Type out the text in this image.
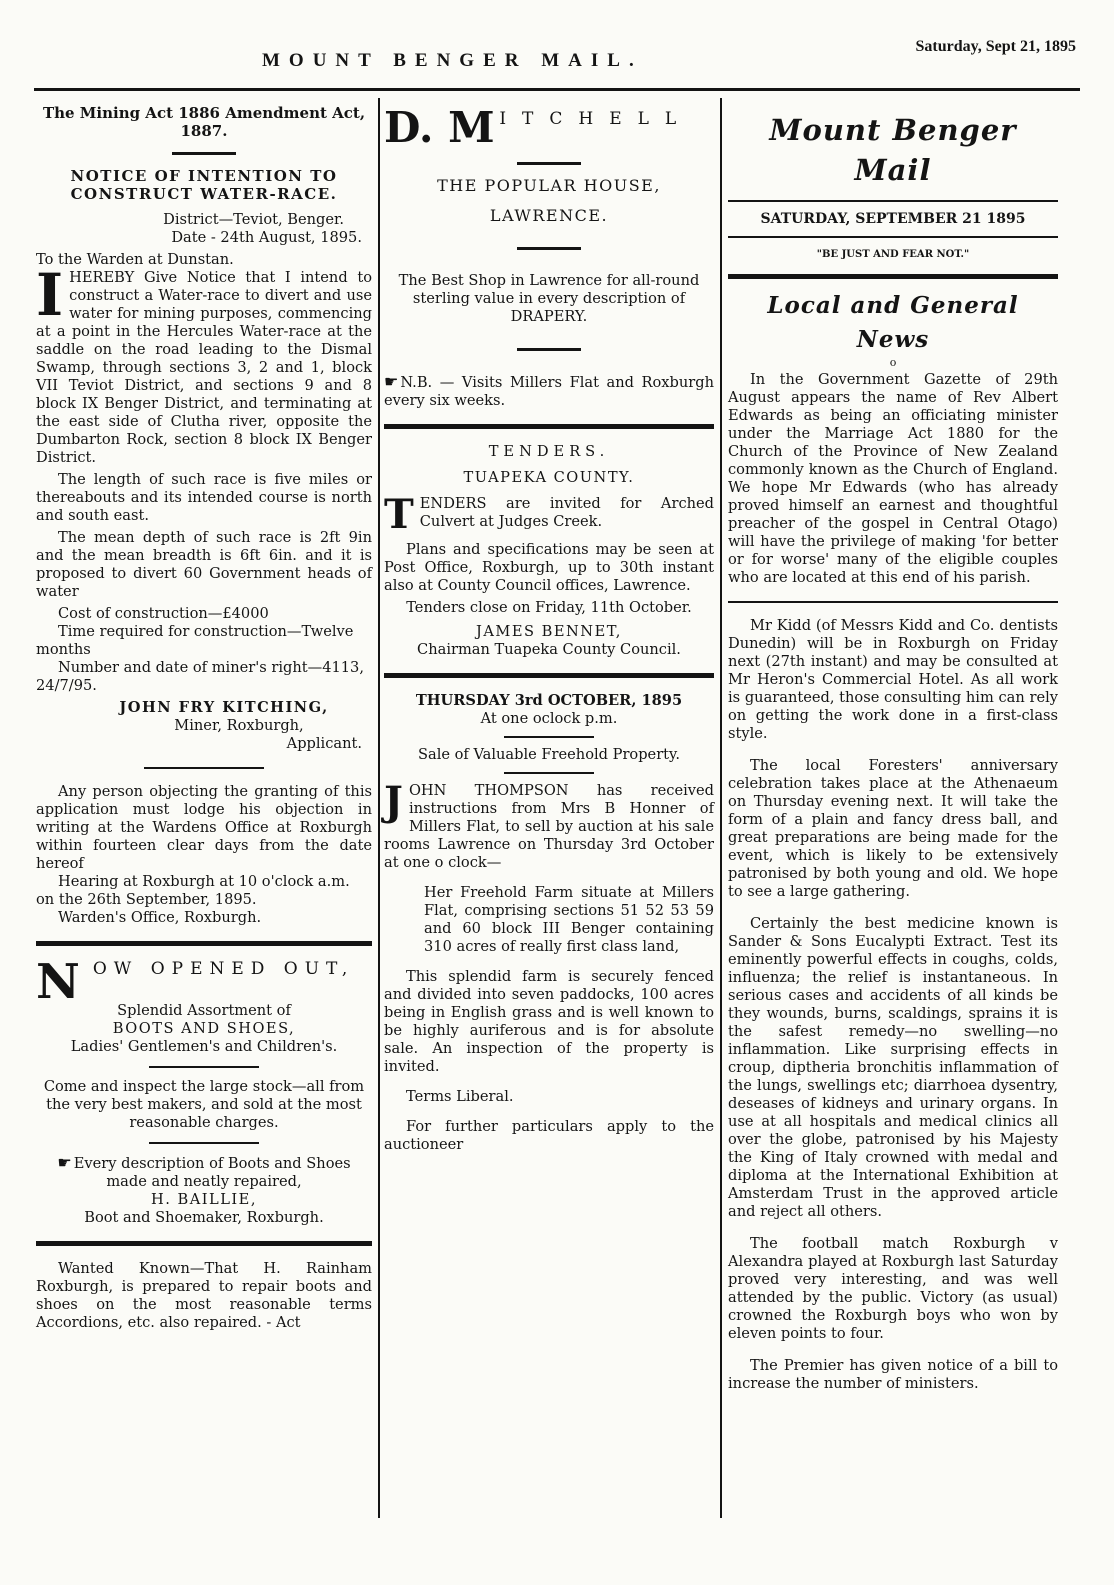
MOUNT BENGER MAIL.
Saturday, Sept 21, 1895

The Mining Act 1886 Amendment Act, 1887.

NOTICE OF INTENTION TO CONSTRUCT WATER-RACE.

District—Teviot, Benger.

Date - 24th August, 1895.

To the Warden at Dunstan.

IHEREBY Give Notice that I intend to construct a Water-race to divert and use water for mining purposes, commencing at a point in the Hercules Water-race at the saddle on the road leading to the Dismal Swamp, through sections 3, 2 and 1, block VII Teviot District, and sections 9 and 8 block IX Benger District, and terminating at the east side of Clutha river, opposite the Dumbarton Rock, section 8 block IX Benger District.

The length of such race is five miles or thereabouts and its intended course is north and south east.

The mean depth of such race is 2ft 9in and the mean breadth is 6ft 6in. and it is proposed to divert 60 Government heads of water

Cost of construction—£4000

Time required for construction—Twelve months

Number and date of miner's right—4113, 24/7/95.

JOHN FRY KITCHING,

Miner, Roxburgh,

Applicant.

Any person objecting the granting of this application must lodge his objection in writing at the Wardens Office at Roxburgh within fourteen clear days from the date hereof

Hearing at Roxburgh at 10 o'clock a.m. on the 26th September, 1895.

Warden's Office, Roxburgh.

NOW OPENED OUT,

Splendid Assortment of

BOOTS AND SHOES,

Ladies' Gentlemen's and Children's.

Come and inspect the large stock—all from the very best makers, and sold at the most reasonable charges.

☛ Every description of Boots and Shoes made and neatly repaired,

H. BAILLIE,

Boot and Shoemaker, Roxburgh.

Wanted Known—That H. Rainham Roxburgh, is prepared to repair boots and shoes on the most reasonable terms Accordions, etc. also repaired. - Act

D. M ITCHELL

THE POPULAR HOUSE,

LAWRENCE.

The Best Shop in Lawrence for all-round sterling value in every description of DRAPERY.

☛ N.B. — Visits Millers Flat and Roxburgh every six weeks.

TENDERS.

TUAPEKA COUNTY.

TENDERS are invited for Arched Culvert at Judges Creek.

Plans and specifications may be seen at Post Office, Roxburgh, up to 30th instant also at County Council offices, Lawrence.

Tenders close on Friday, 11th October.

JAMES BENNET,

Chairman Tuapeka County Council.

THURSDAY 3rd OCTOBER, 1895

At one oclock p.m.

Sale of Valuable Freehold Property.

JOHN THOMPSON has received instructions from Mrs B Honner of Millers Flat, to sell by auction at his sale rooms Lawrence on Thursday 3rd October at one o clock—

Her Freehold Farm situate at Millers Flat, comprising sections 51 52 53 59 and 60 block III Benger containing 310 acres of really first class land,

This splendid farm is securely fenced and divided into seven paddocks, 100 acres being in English grass and is well known to be highly auriferous and is for absolute sale. An inspection of the property is invited.

Terms Liberal.

For further particulars apply to the auctioneer

Mount Benger Mail

SATURDAY, SEPTEMBER 21 1895

"BE JUST AND FEAR NOT."

Local and General News

o

In the Government Gazette of 29th August appears the name of Rev Albert Edwards as being an officiating minister under the Marriage Act 1880 for the Church of the Province of New Zealand commonly known as the Church of England. We hope Mr Edwards (who has already proved himself an earnest and thoughtful preacher of the gospel in Central Otago) will have the privilege of making 'for better or for worse' many of the eligible couples who are located at this end of his parish.

Mr Kidd (of Messrs Kidd and Co. dentists Dunedin) will be in Roxburgh on Friday next (27th instant) and may be consulted at Mr Heron's Commercial Hotel. As all work is guaranteed, those consulting him can rely on getting the work done in a first-class style.

The local Foresters' anniversary celebration takes place at the Athenaeum on Thursday evening next. It will take the form of a plain and fancy dress ball, and great preparations are being made for the event, which is likely to be extensively patronised by both young and old. We hope to see a large gathering.

Certainly the best medicine known is Sander & Sons Eucalypti Extract. Test its eminently powerful effects in coughs, colds, influenza; the relief is instantaneous. In serious cases and accidents of all kinds be they wounds, burns, scaldings, sprains it is the safest remedy—no swelling—no inflammation. Like surprising effects in croup, diptheria bronchitis inflammation of the lungs, swellings etc; diarrhoea dysentry, deseases of kidneys and urinary organs. In use at all hospitals and medical clinics all over the globe, patronised by his Majesty the King of Italy crowned with medal and diploma at the International Exhibition at Amsterdam Trust in the approved article and reject all others.

The football match Roxburgh v Alexandra played at Roxburgh last Saturday proved very interesting, and was well attended by the public. Victory (as usual) crowned the Roxburgh boys who won by eleven points to four.

The Premier has given notice of a bill to increase the number of ministers.
